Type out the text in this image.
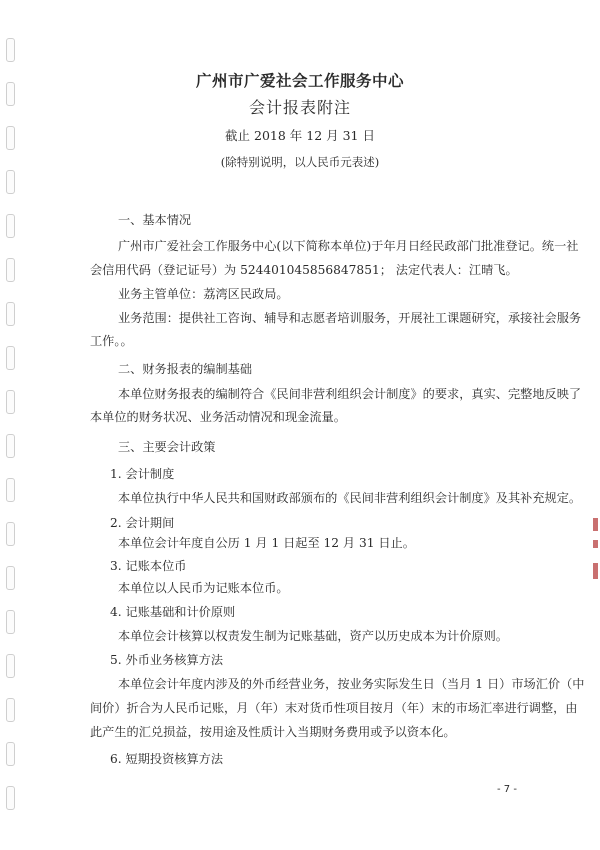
广州市广爱社会工作服务中心
会计报表附注
截止 2018 年 12 月 31 日
(除特别说明，以人民币元表述)
一、基本情况
广州市广爱社会工作服务中心(以下简称本单位)于年月日经民政部门批准登记。统一社
会信用代码（登记证号）为 524401045856847851； 法定代表人：江晴飞。
业务主管单位：荔湾区民政局。
业务范围：提供社工咨询、辅导和志愿者培训服务，开展社工课题研究，承接社会服务
工作。。
二、财务报表的编制基础
本单位财务报表的编制符合《民间非营利组织会计制度》的要求，真实、完整地反映了
本单位的财务状况、业务活动情况和现金流量。
三、主要会计政策
1. 会计制度
本单位执行中华人民共和国财政部颁布的《民间非营利组织会计制度》及其补充规定。
2. 会计期间
本单位会计年度自公历 1 月 1 日起至 12 月 31 日止。
3. 记账本位币
本单位以人民币为记账本位币。
4. 记账基础和计价原则
本单位会计核算以权责发生制为记账基础，资产以历史成本为计价原则。
5. 外币业务核算方法
本单位会计年度内涉及的外币经营业务，按业务实际发生日（当月 1 日）市场汇价（中
间价）折合为人民币记账，月（年）末对货币性项目按月（年）末的市场汇率进行调整，由
此产生的汇兑损益，按用途及性质计入当期财务费用或予以资本化。
6. 短期投资核算方法
- 7 -
